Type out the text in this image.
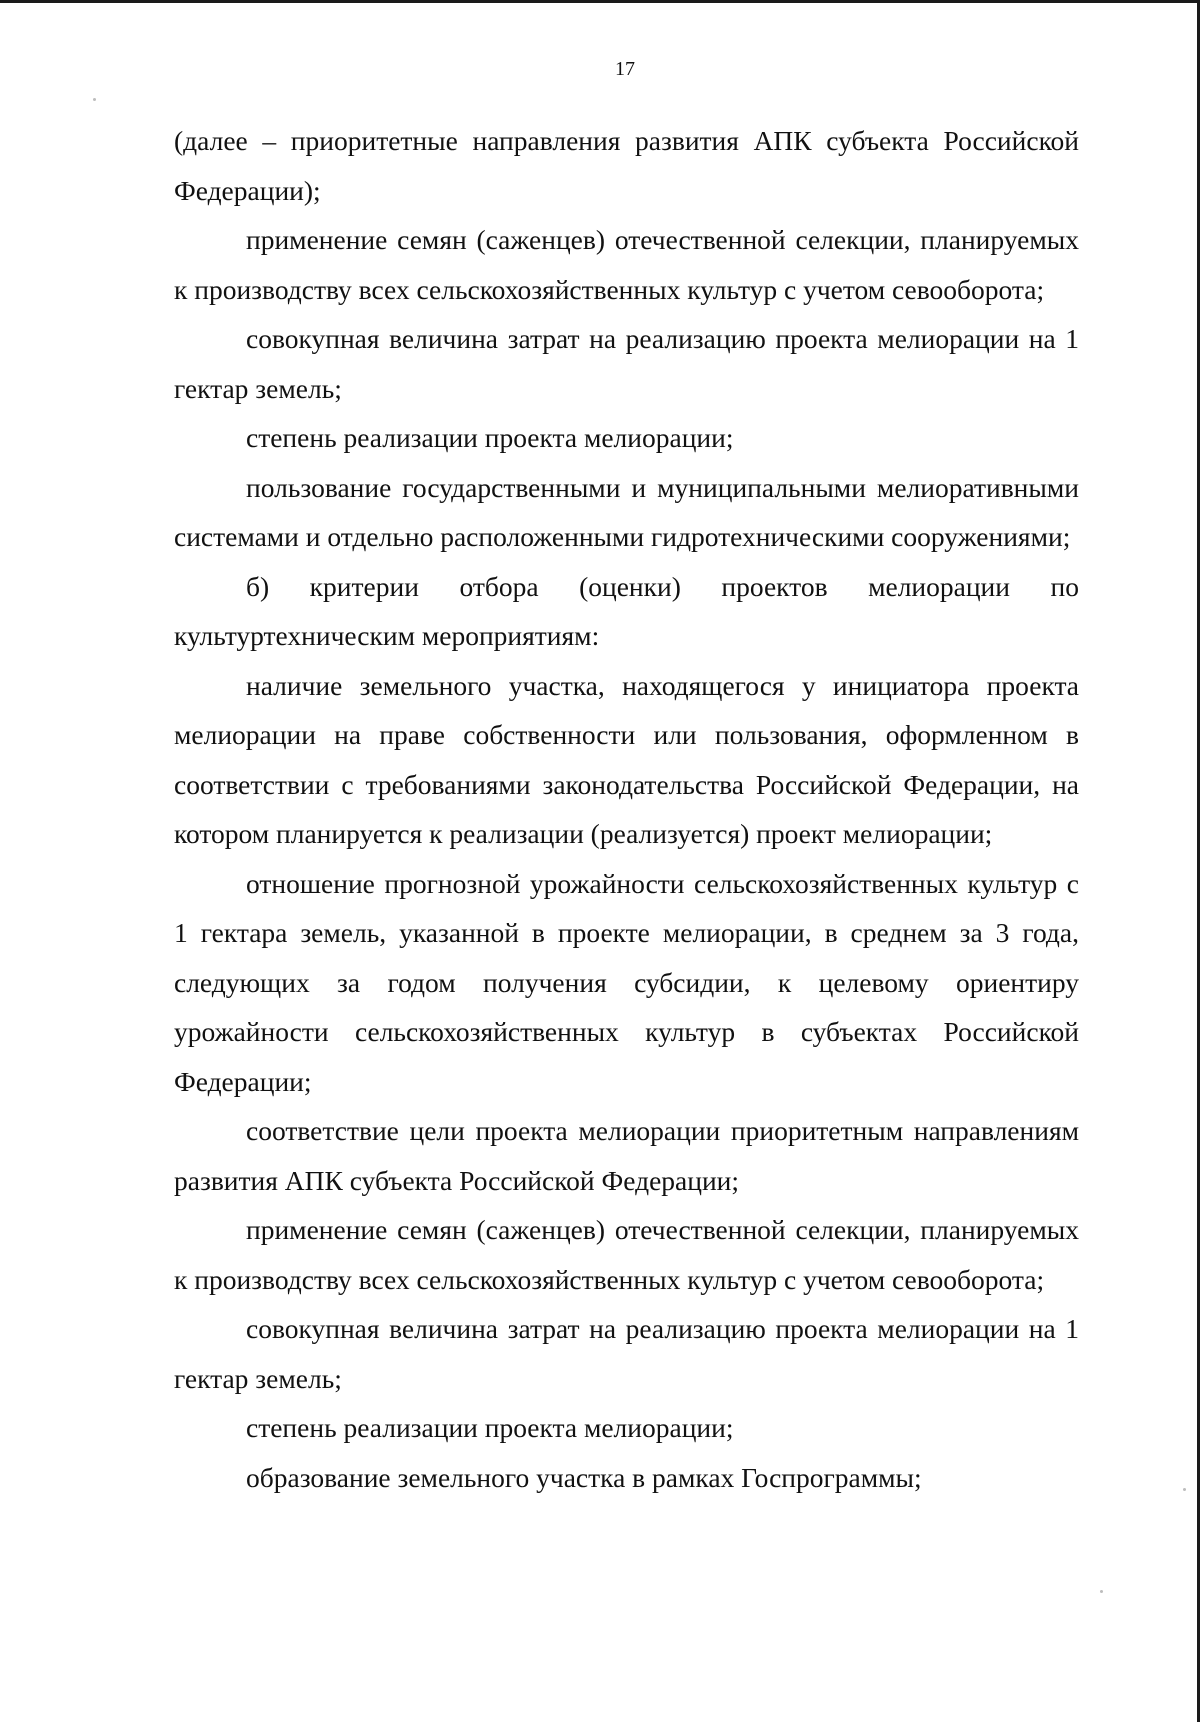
17

(далее – приоритетные направления развития АПК субъекта Российской Федерации);

применение семян (саженцев) отечественной селекции, планируемых к производству всех сельскохозяйственных культур с учетом севооборота;

совокупная величина затрат на реализацию проекта мелиорации на 1 гектар земель;

степень реализации проекта мелиорации;

пользование государственными и муниципальными мелиоративными системами и отдельно расположенными гидротехническими сооружениями;

б) критерии отбора (оценки) проектов мелиорации по культуртехническим мероприятиям:

наличие земельного участка, находящегося у инициатора проекта мелиорации на праве собственности или пользования, оформленном в соответствии с требованиями законодательства Российской Федерации, на котором планируется к реализации (реализуется) проект мелиорации;

отношение прогнозной урожайности сельскохозяйственных культур с 1 гектара земель, указанной в проекте мелиорации, в среднем за 3 года, следующих за годом получения субсидии, к целевому ориентиру урожайности сельскохозяйственных культур в субъектах Российской Федерации;

соответствие цели проекта мелиорации приоритетным направлениям развития АПК субъекта Российской Федерации;

применение семян (саженцев) отечественной селекции, планируемых к производству всех сельскохозяйственных культур с учетом севооборота;

совокупная величина затрат на реализацию проекта мелиорации на 1 гектар земель;

степень реализации проекта мелиорации;

образование земельного участка в рамках Госпрограммы;
